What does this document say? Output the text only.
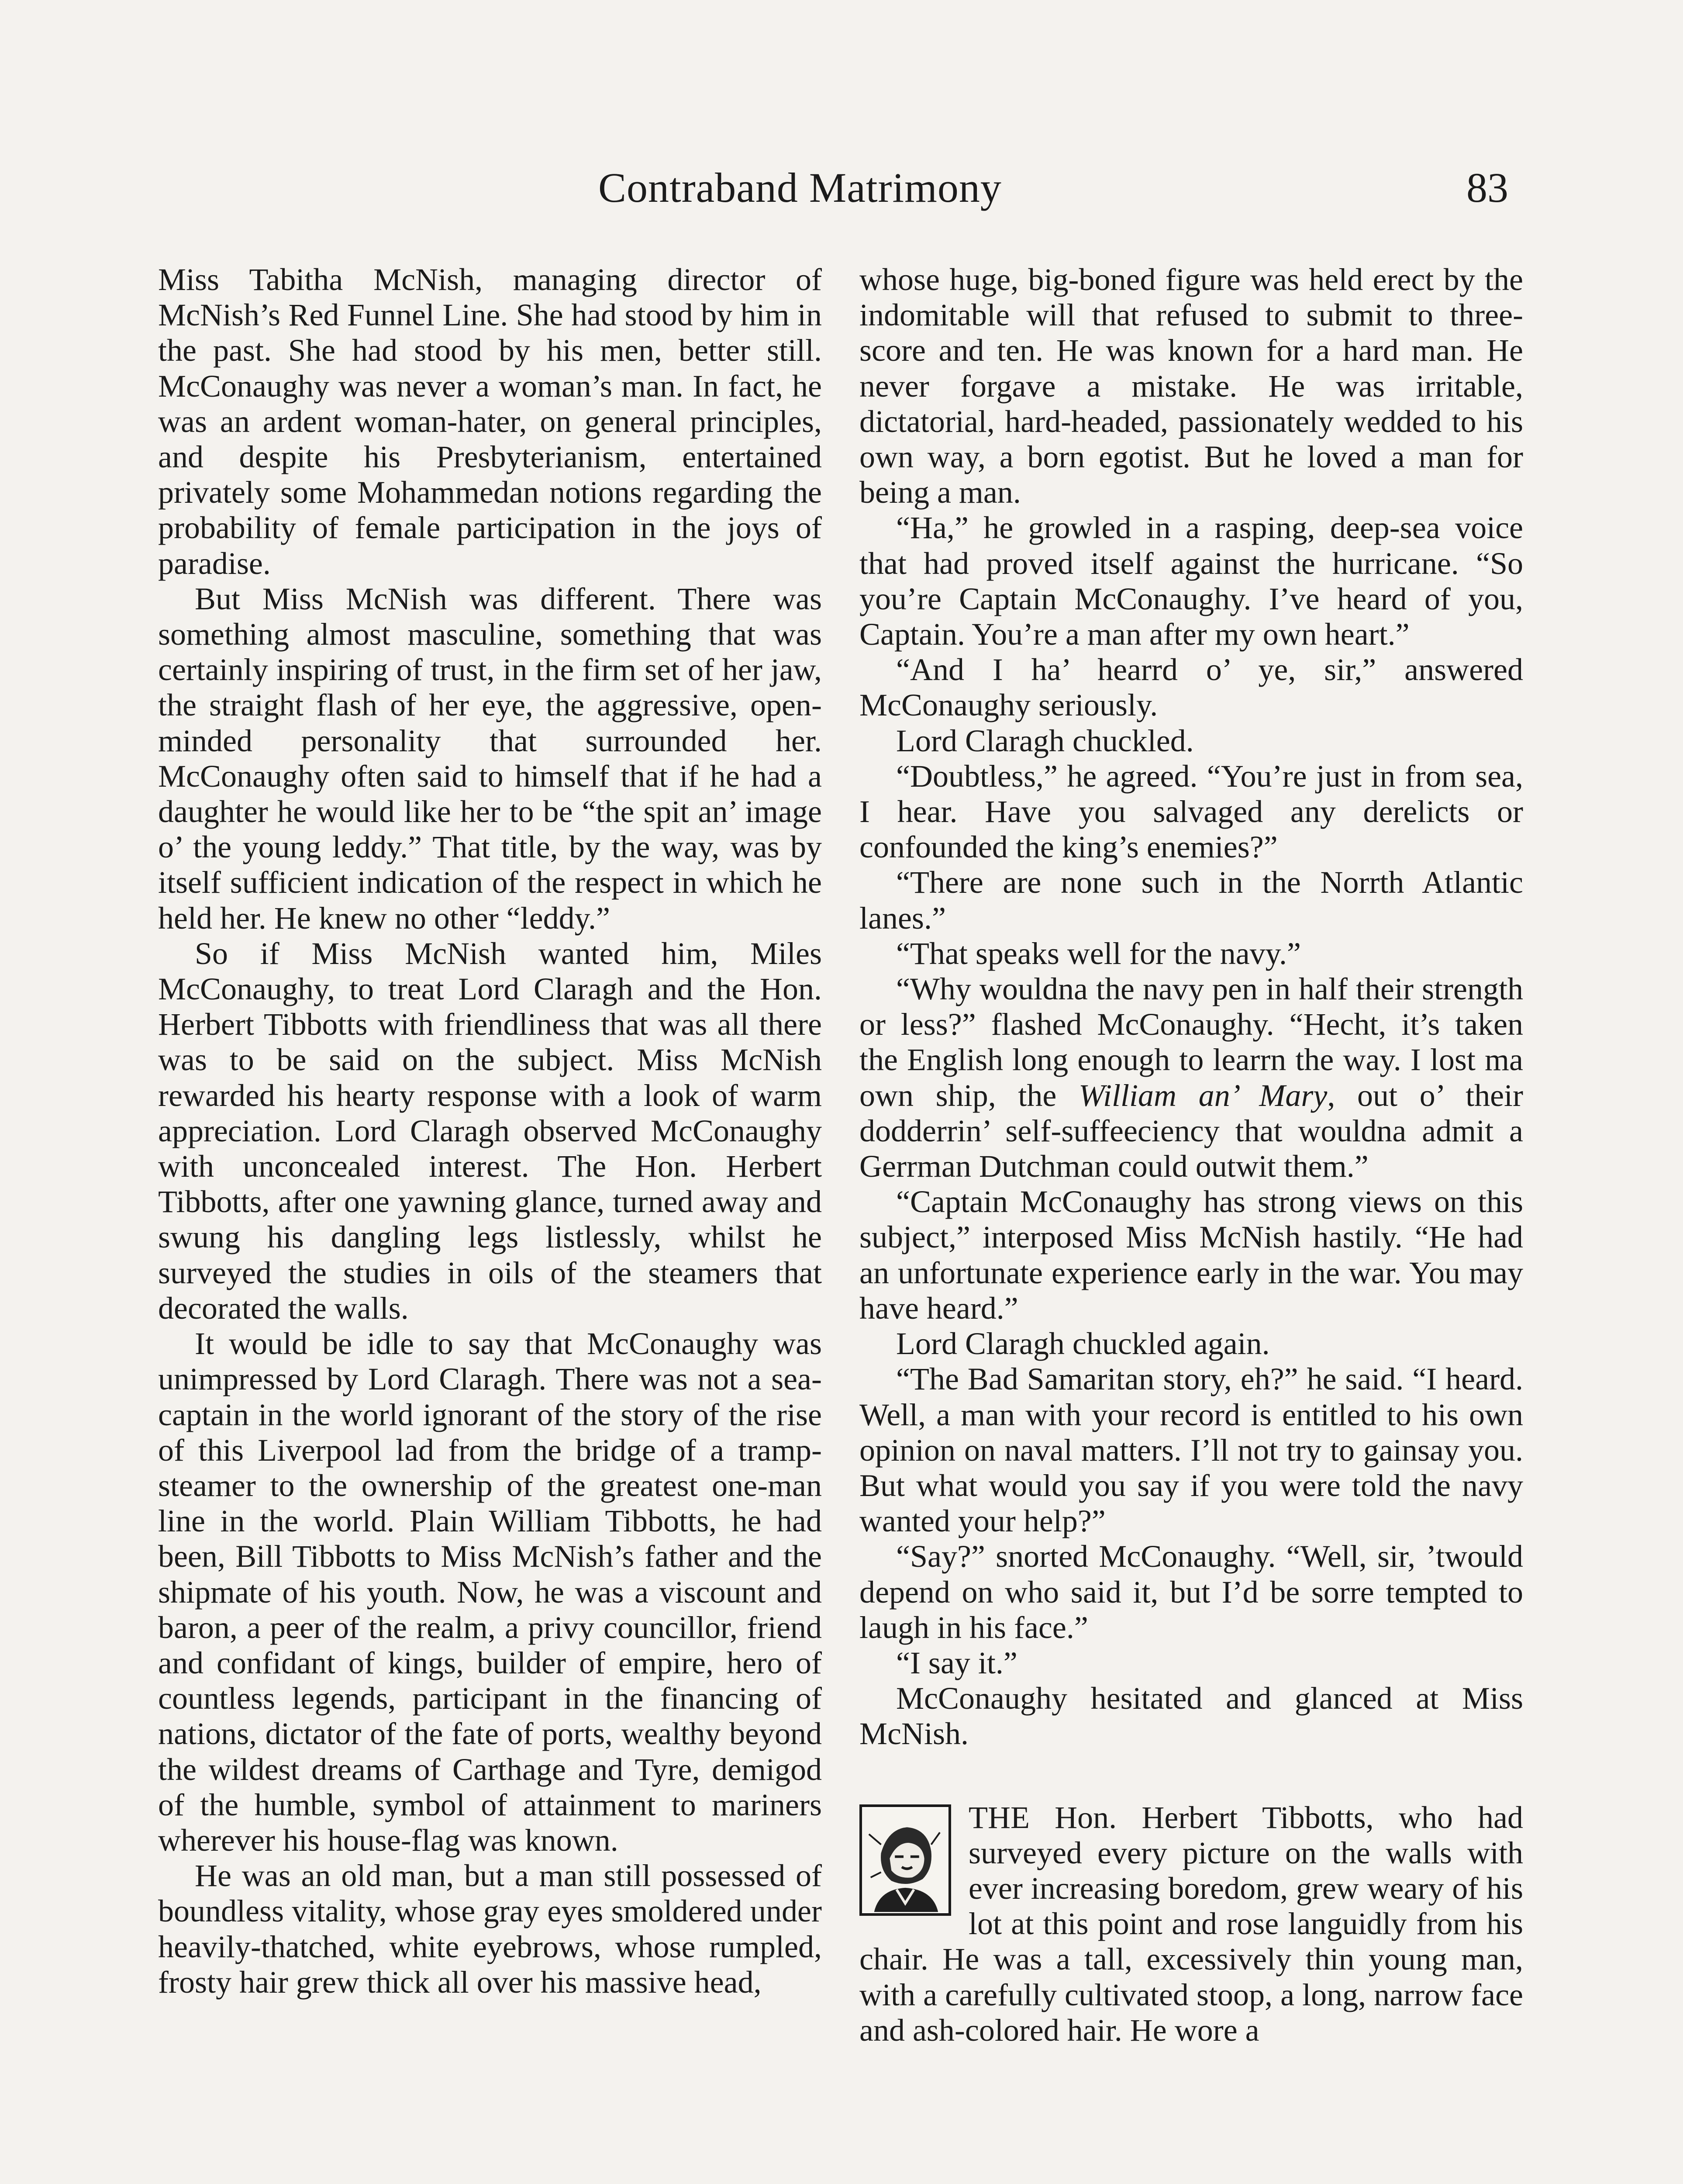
Contraband Matrimony	83

Miss Tabitha McNish, managing director of McNish’s Red Funnel Line. She had stood by him in the past. She had stood by his men, better still. McConaughy was never a woman’s man. In fact, he was an ardent woman-hater, on general principles, and despite his Presbyterianism, entertained privately some Mohammedan notions regarding the probability of female participation in the joys of paradise.

But Miss McNish was different. There was something almost masculine, something that was certainly inspiring of trust, in the firm set of her jaw, the straight flash of her eye, the aggressive, open-minded personality that surrounded her. McConaughy often said to himself that if he had a daughter he would like her to be “the spit an’ image o’ the young leddy.” That title, by the way, was by itself sufficient indication of the respect in which he held her. He knew no other “leddy.”

So if Miss McNish wanted him, Miles McConaughy, to treat Lord Claragh and the Hon. Herbert Tibbotts with friendliness that was all there was to be said on the subject. Miss McNish rewarded his hearty response with a look of warm appreciation. Lord Claragh observed McConaughy with unconcealed interest. The Hon. Herbert Tibbotts, after one yawning glance, turned away and swung his dangling legs listlessly, whilst he surveyed the studies in oils of the steamers that decorated the walls.

It would be idle to say that McConaughy was unimpressed by Lord Claragh. There was not a sea-captain in the world ignorant of the story of the rise of this Liverpool lad from the bridge of a tramp-steamer to the ownership of the greatest one-man line in the world. Plain William Tibbotts, he had been, Bill Tibbotts to Miss McNish’s father and the shipmate of his youth. Now, he was a viscount and baron, a peer of the realm, a privy councillor, friend and confidant of kings, builder of empire, hero of countless legends, participant in the financing of nations, dictator of the fate of ports, wealthy beyond the wildest dreams of Carthage and Tyre, demigod of the humble, symbol of attainment to mariners wherever his house-flag was known.

He was an old man, but a man still possessed of boundless vitality, whose gray eyes smoldered under heavily-thatched, white eyebrows, whose rumpled, frosty hair grew thick all over his massive head,

whose huge, big-boned figure was held erect by the indomitable will that refused to submit to three-score and ten. He was known for a hard man. He never forgave a mistake. He was irritable, dictatorial, hard-headed, passionately wedded to his own way, a born egotist. But he loved a man for being a man.

“Ha,” he growled in a rasping, deep-sea voice that had proved itself against the hurricane. “So you’re Captain McConaughy. I’ve heard of you, Captain. You’re a man after my own heart.”

“And I ha’ hearrd o’ ye, sir,” answered McConaughy seriously.

Lord Claragh chuckled.

“Doubtless,” he agreed. “You’re just in from sea, I hear. Have you salvaged any derelicts or confounded the king’s enemies?”

“There are none such in the Norrth Atlantic lanes.”

“That speaks well for the navy.”

“Why wouldna the navy pen in half their strength or less?” flashed McConaughy. “Hecht, it’s taken the English long enough to learrn the way. I lost ma own ship, the William an’ Mary, out o’ their dodderrin’ self-suffeeciency that wouldna admit a Gerrman Dutchman could outwit them.”

“Captain McConaughy has strong views on this subject,” interposed Miss McNish hastily. “He had an unfortunate experience early in the war. You may have heard.”

Lord Claragh chuckled again.

“The Bad Samaritan story, eh?” he said. “I heard. Well, a man with your record is entitled to his own opinion on naval matters. I’ll not try to gainsay you. But what would you say if you were told the navy wanted your help?”

“Say?” snorted McConaughy. “Well, sir, ’twould depend on who said it, but I’d be sorre tempted to laugh in his face.”

“I say it.”

McConaughy hesitated and glanced at Miss McNish.

THE Hon. Herbert Tibbotts, who had surveyed every picture on the walls with ever increasing boredom, grew weary of his lot at this point and rose languidly from his chair. He was a tall, excessively thin young man, with a carefully cultivated stoop, a long, narrow face and ash-colored hair. He wore a
